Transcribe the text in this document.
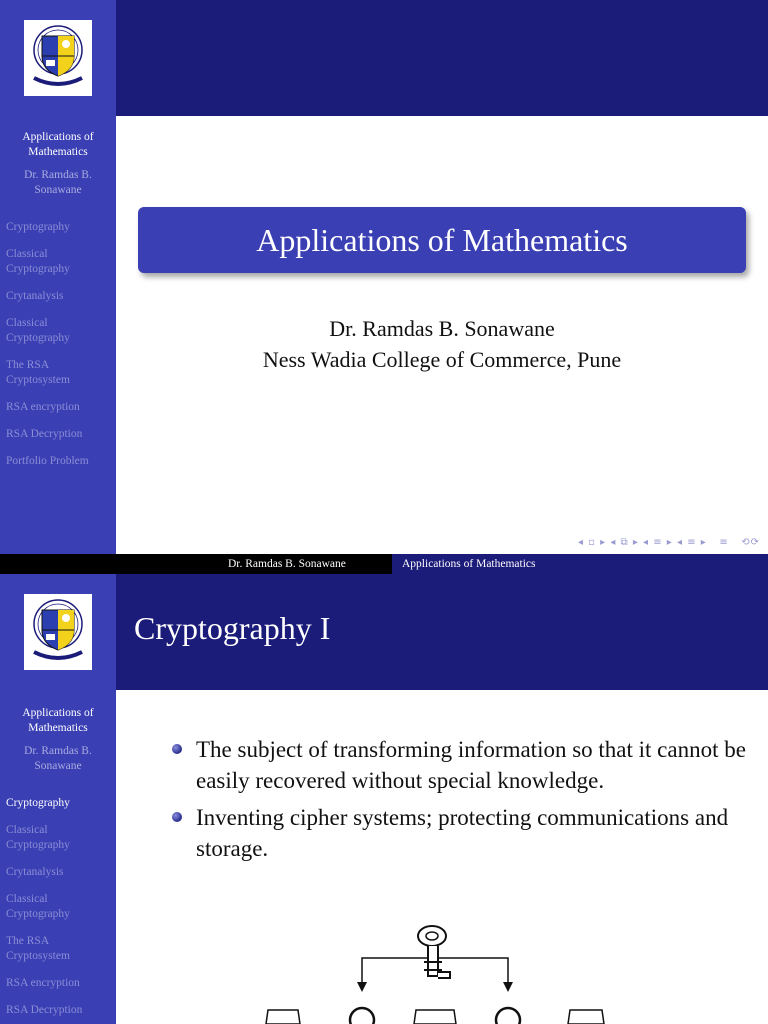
Applications of Mathematics
Dr. Ramdas B. Sonawane
Cryptography
Classical Cryptography
Crytanalysis
Classical Cryptography
The RSA Cryptosystem
RSA encryption
RSA Decryption
Portfolio Problem
Applications of Mathematics
Dr. Ramdas B. Sonawane
Ness Wadia College of Commerce, Pune
◂ ▫ ▸ ◂ ⧉ ▸ ◂ ≡ ▸ ◂ ≡ ▸   ≡   ⟲⟳
Dr. Ramdas B. Sonawane	Applications of Mathematics
Applications of Mathematics
Dr. Ramdas B. Sonawane
Cryptography
Classical Cryptography
Crytanalysis
Classical Cryptography
The RSA Cryptosystem
RSA encryption
RSA Decryption
Cryptography I
The subject of transforming information so that it cannot be easily recovered without special knowledge.
Inventing cipher systems; protecting communications and storage.
